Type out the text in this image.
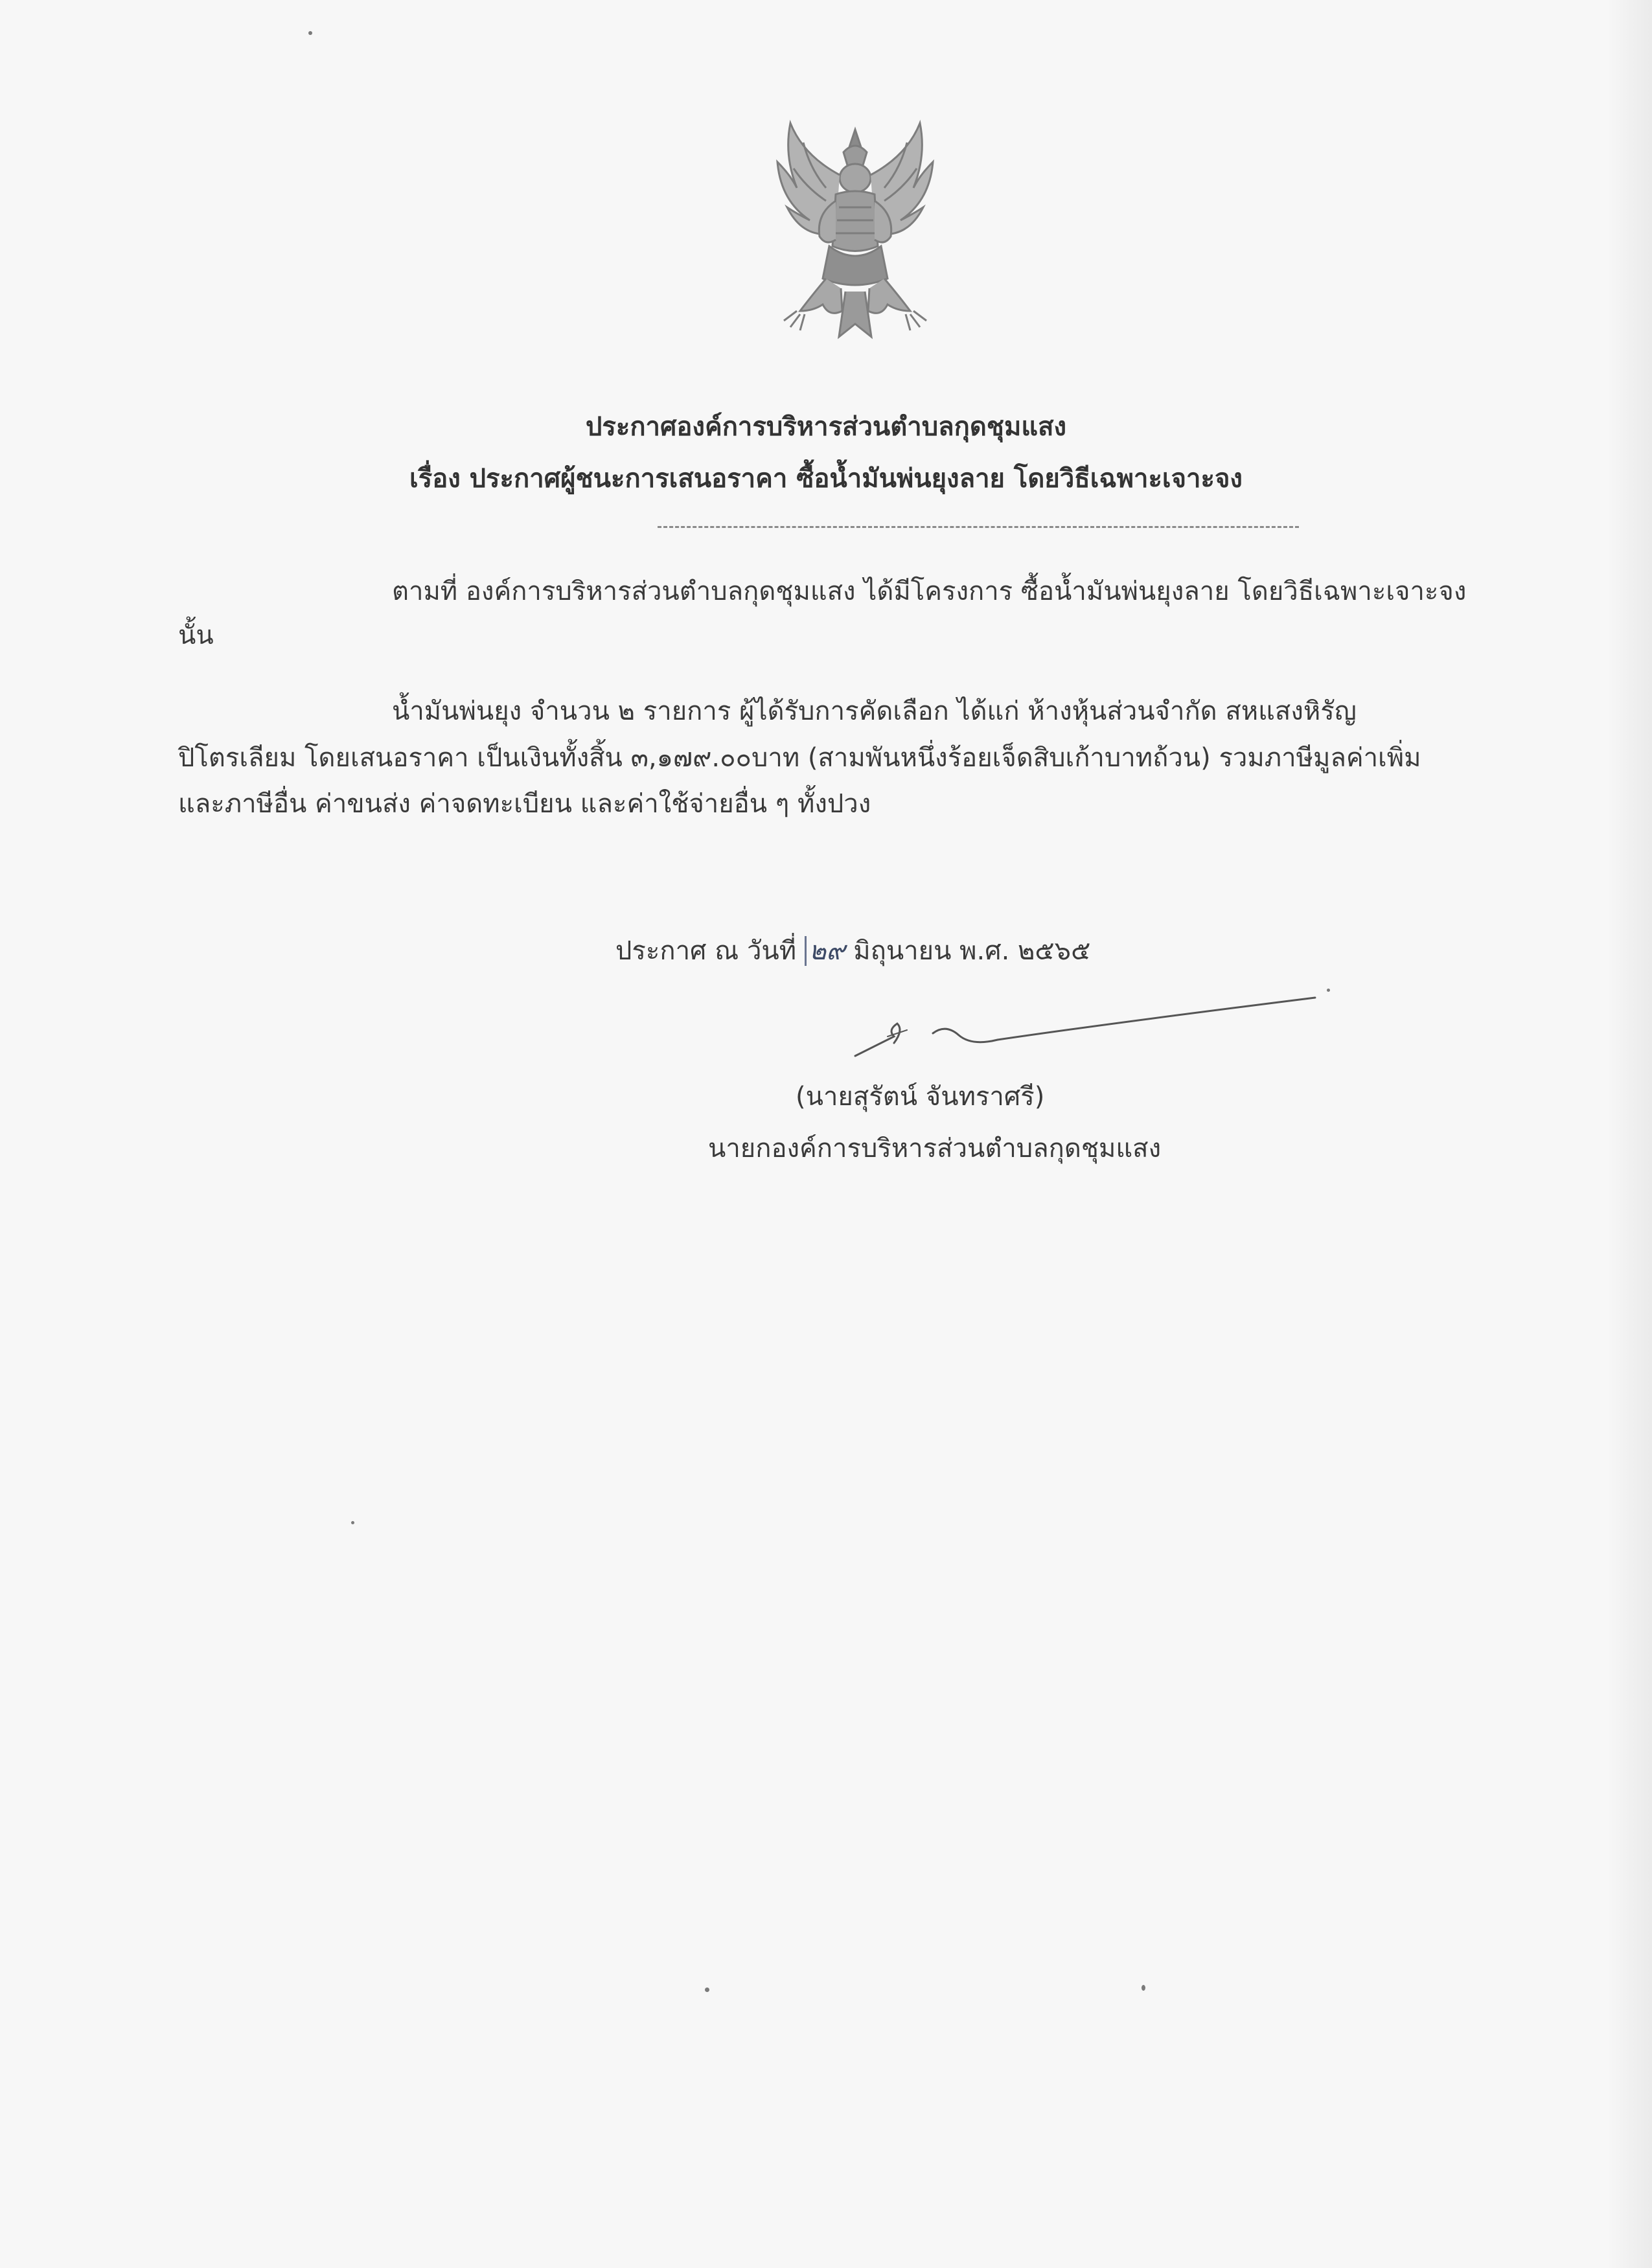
ประกาศองค์การบริหารส่วนตำบลกุดชุมแสง
เรื่อง ประกาศผู้ชนะการเสนอราคา ซื้อน้ำมันพ่นยุงลาย โดยวิธีเฉพาะเจาะจง
ตามที่ องค์การบริหารส่วนตำบลกุดชุมแสง ได้มีโครงการ ซื้อน้ำมันพ่นยุงลาย โดยวิธีเฉพาะเจาะจง
นั้น
น้ำมันพ่นยุง จำนวน ๒ รายการ ผู้ได้รับการคัดเลือก ได้แก่ ห้างหุ้นส่วนจำกัด สหแสงหิรัญ
ปิโตรเลียม โดยเสนอราคา เป็นเงินทั้งสิ้น ๓,๑๗๙.๐๐บาท (สามพันหนึ่งร้อยเจ็ดสิบเก้าบาทถ้วน) รวมภาษีมูลค่าเพิ่ม
และภาษีอื่น ค่าขนส่ง ค่าจดทะเบียน และค่าใช้จ่ายอื่น ๆ ทั้งปวง
ประกาศ ณ วันที่ ๒๙ มิถุนายน พ.ศ. ๒๕๖๕
(นายสุรัตน์ จันทราศรี)
นายกองค์การบริหารส่วนตำบลกุดชุมแสง
